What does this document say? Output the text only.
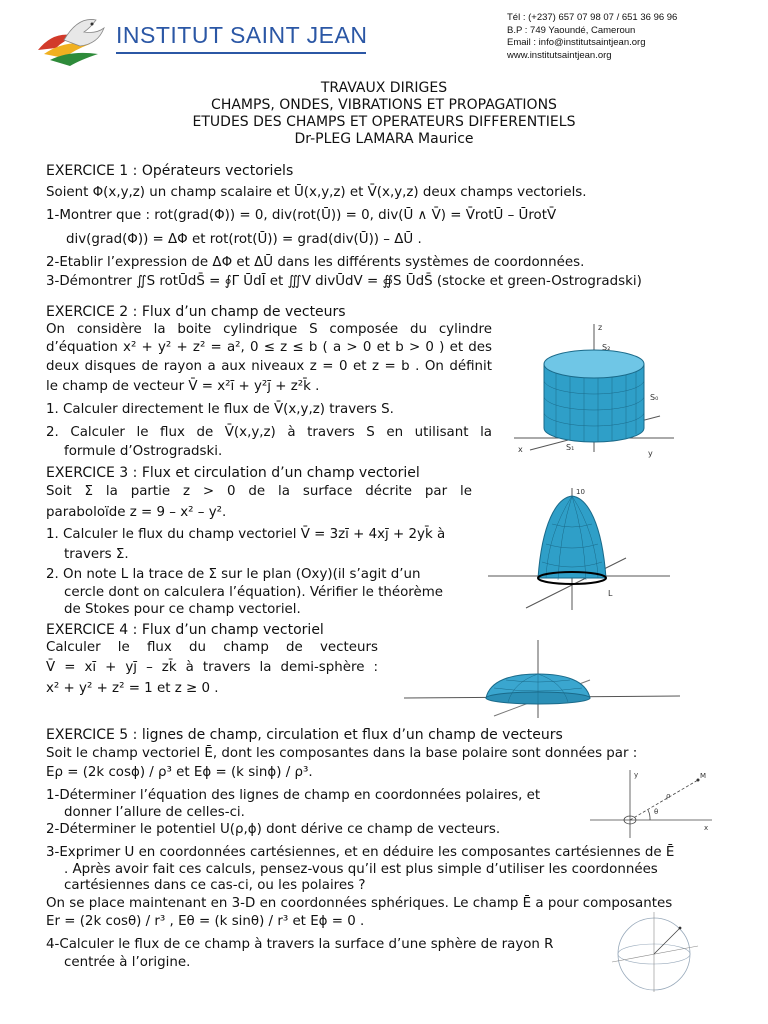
INSTITUT SAINT JEAN
Tél : (+237) 657 07 98 07 / 651 36 96 96
B.P : 749 Yaoundé, Cameroun
Email : info@institutsaintjean.org
www.institutsaintjean.org
TRAVAUX DIRIGES
CHAMPS, ONDES, VIBRATIONS ET PROPAGATIONS
ETUDES DES CHAMPS ET OPERATEURS DIFFERENTIELS
Dr-PLEG LAMARA Maurice
EXERCICE 1 : Opérateurs vectoriels
Soient Φ(x,y,z) un champ scalaire et Ū(x,y,z) et V̄(x,y,z) deux champs vectoriels.
1-Montrer que : rot(grad(Φ)) = 0, div(rot(Ū)) = 0, div(Ū ∧ V̄) = V̄rotŪ – ŪrotV̄
div(grad(Φ)) = ΔΦ et rot(rot(Ū)) = grad(div(Ū)) – ΔŪ .
2-Etablir l’expression de ΔΦ et ΔŪ dans les différents systèmes de coordonnées.
3-Démontrer ∬S rotŪdS̄ = ∮Γ ŪdĪ et ∭V divŪdV = ∯S ŪdS̄ (stocke et green-Ostrogradski)
EXERCICE 2 : Flux d’un champ de vecteurs
On considère la boite cylindrique S composée du cylindre
d’équation x² + y² + z² = a², 0 ≤ z ≤ b ( a > 0 et b > 0 ) et des
deux disques de rayon a aux niveaux z = 0 et z = b . On définit
le champ de vecteur V̄ = x²ī + y²j̄ + z²k̄ .
1. Calculer directement le flux de V̄(x,y,z) travers S.
2. Calculer le flux de V̄(x,y,z) à travers S en utilisant la
formule d’Ostrogradski.
z
S₂
S₀
S₁
x	y
EXERCICE 3 : Flux et circulation d’un champ vectoriel
Soit Σ la partie z > 0 de la surface décrite par le
paraboloïde z = 9 – x² – y².
1. Calculer le flux du champ vectoriel V̄ = 3zī + 4xj̄ + 2yk̄ à
travers Σ.
2. On note L la trace de Σ sur le plan (Oxy)(il s’agit d’un
cercle dont on calculera l’équation). Vérifier le théorème
de Stokes pour ce champ vectoriel.
10
L
EXERCICE 4 : Flux d’un champ vectoriel
Calculer le flux du champ de vecteurs
V̄ = xī + yj̄ – zk̄ à travers la demi-sphère :
x² + y² + z² = 1 et z ≥ 0 .
EXERCICE 5 : lignes de champ, circulation et flux d’un champ de vecteurs
Soit le champ vectoriel Ē, dont les composantes dans la base polaire sont données par :
Eρ = (2k cosϕ) / ρ³ et Eϕ = (k sinϕ) / ρ³.
1-Déterminer l’équation des lignes de champ en coordonnées polaires, et
donner l’allure de celles-ci.
2-Déterminer le potentiel U(ρ,ϕ) dont dérive ce champ de vecteurs.
3-Exprimer U en coordonnées cartésiennes, et en déduire les composantes cartésiennes de Ē
. Après avoir fait ces calculs, pensez-vous qu’il est plus simple d’utiliser les coordonnées
cartésiennes dans ce cas-ci, ou les polaires ?
On se place maintenant en 3-D en coordonnées sphériques. Le champ Ē a pour composantes
Er = (2k cosθ) / r³ , Eθ = (k sinθ) / r³ et Eϕ = 0 .
4-Calculer le flux de ce champ à travers la surface d’une sphère de rayon R
centrée à l’origine.
y	M
ρ
θ
x
